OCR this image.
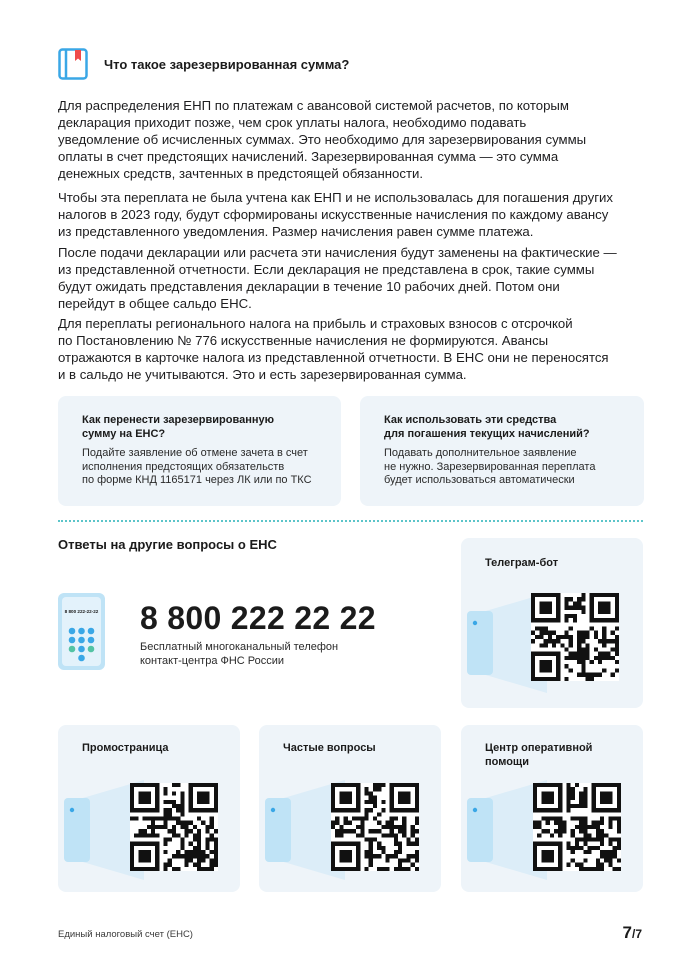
Что такое зарезервированная сумма?
Для распределения ЕНП по платежам с авансовой системой расчетов, по которым
декларация приходит позже, чем срок уплаты налога, необходимо подавать
уведомление об исчисленных суммах. Это необходимо для зарезервирования суммы
оплаты в счет предстоящих начислений. Зарезервированная сумма — это сумма
денежных средств, зачтенных в предстоящей обязанности.
Чтобы эта переплата не была учтена как ЕНП и не использовалась для погашения других
налогов в 2023 году, будут сформированы искусственные начисления по каждому авансу
из представленного уведомления. Размер начисления равен сумме платежа.
После подачи декларации или расчета эти начисления будут заменены на фактические —
из представленной отчетности. Если декларация не представлена в срок, такие суммы
будут ожидать представления декларации в течение 10 рабочих дней. Потом они
перейдут в общее сальдо ЕНС.
Для переплаты регионального налога на прибыль и страховых взносов с отсрочкой
по Постановлению № 776 искусственные начисления не формируются. Авансы
отражаются в карточке налога из представленной отчетности. В ЕНС они не переносятся
и в сальдо не учитываются. Это и есть зарезервированная сумма.
Как перенести зарезервированную
сумму на ЕНС?
Подайте заявление об отмене зачета в счет
исполнения предстоящих обязательств
по форме КНД 1165171 через ЛК или по ТКС
Как использовать эти средства
для погашения текущих начислений?
Подавать дополнительное заявление
не нужно. Зарезервированная переплата
будет использоваться автоматически
Ответы на другие вопросы о ЕНС
8 800 222-22-22 8 800 222 22 22
Бесплатный многоканальный телефон
контакт-центра ФНС России
Телеграм-бот
Промостраница	Частые вопросы	Центр оперативной
помощи
Единый налоговый счет (ЕНС)	7/7
